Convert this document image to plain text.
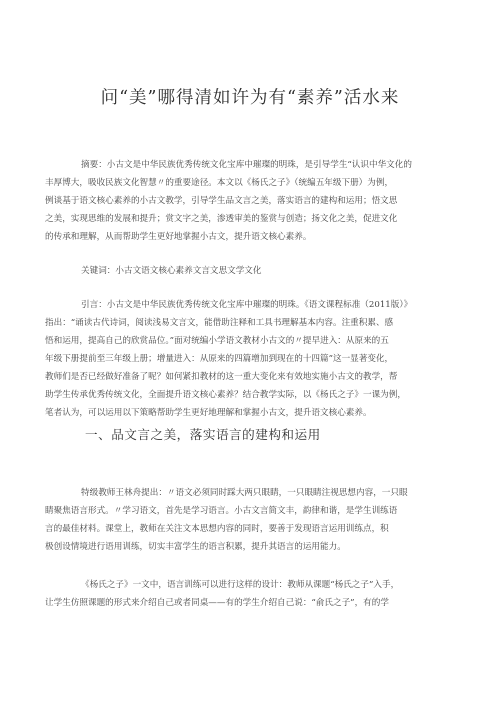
问“美”哪得清如许为有“素养”活水来
摘要：小古文是中华民族优秀传统文化宝库中璀璨的明珠，是引导学生“认识中华文化的
丰厚博大，吸收民族文化智慧〃的重要途径。本文以《杨氏之子》（统编五年级下册）为例，
例谈基于语文核心素养的小古文教学，引导学生品文言之美，落实语言的建构和运用；悟文思
之美，实现思维的发展和提升；赏文字之美，渗透审美的鉴赏与创造；扬文化之美，促进文化
的传承和理解，从而帮助学生更好地掌握小古文，提升语文核心素养。
关键词：小古文语文核心素养文言文思文学文化
引言：小古文是中华民族优秀传统文化宝库中璀璨的明珠。《语文课程标准（2011版）》
指出：“诵读古代诗词，阅读浅易文言文，能借助注释和工具书理解基本内容。注重积累、感
悟和运用，提高自己的欣赏品位。”面对统编小学语文教材小古文的〃提早进入：从原来的五
年级下册提前至三年级上册；增量进入：从原来的四篇增加到现在的十四篇”这一显著变化，
教师们是否已经做好准备了呢？如何紧扣教材的这一重大变化来有效地实施小古文的教学，帮
助学生传承优秀传统文化，全面提升语文核心素养？结合教学实际，以《杨氏之子》一课为例，
笔者认为，可以运用以下策略帮助学生更好地理解和掌握小古文，提升语文核心素养。
一、品文言之美，落实语言的建构和运用
特级教师王林舟提出：〃语文必须同时踩大两只眼睛，一只眼睛注视思想内容，一只眼
睛聚焦语言形式。〃学习语文，首先是学习语言。小古文言简文丰，韵律和谐，是学生训练语
言的最佳材料。课堂上，教师在关注文本思想内容的同时，要善于发现语言运用训练点，积
极创设情境进行语用训练，切实丰富学生的语言积累，提升其语言的运用能力。
《杨氏之子》一文中，语言训练可以进行这样的设计：教师从课题“杨氏之子”入手，
让学生仿照课题的形式来介绍自己或者同桌——有的学生介绍自己说：“俞氏之子”，有的学
